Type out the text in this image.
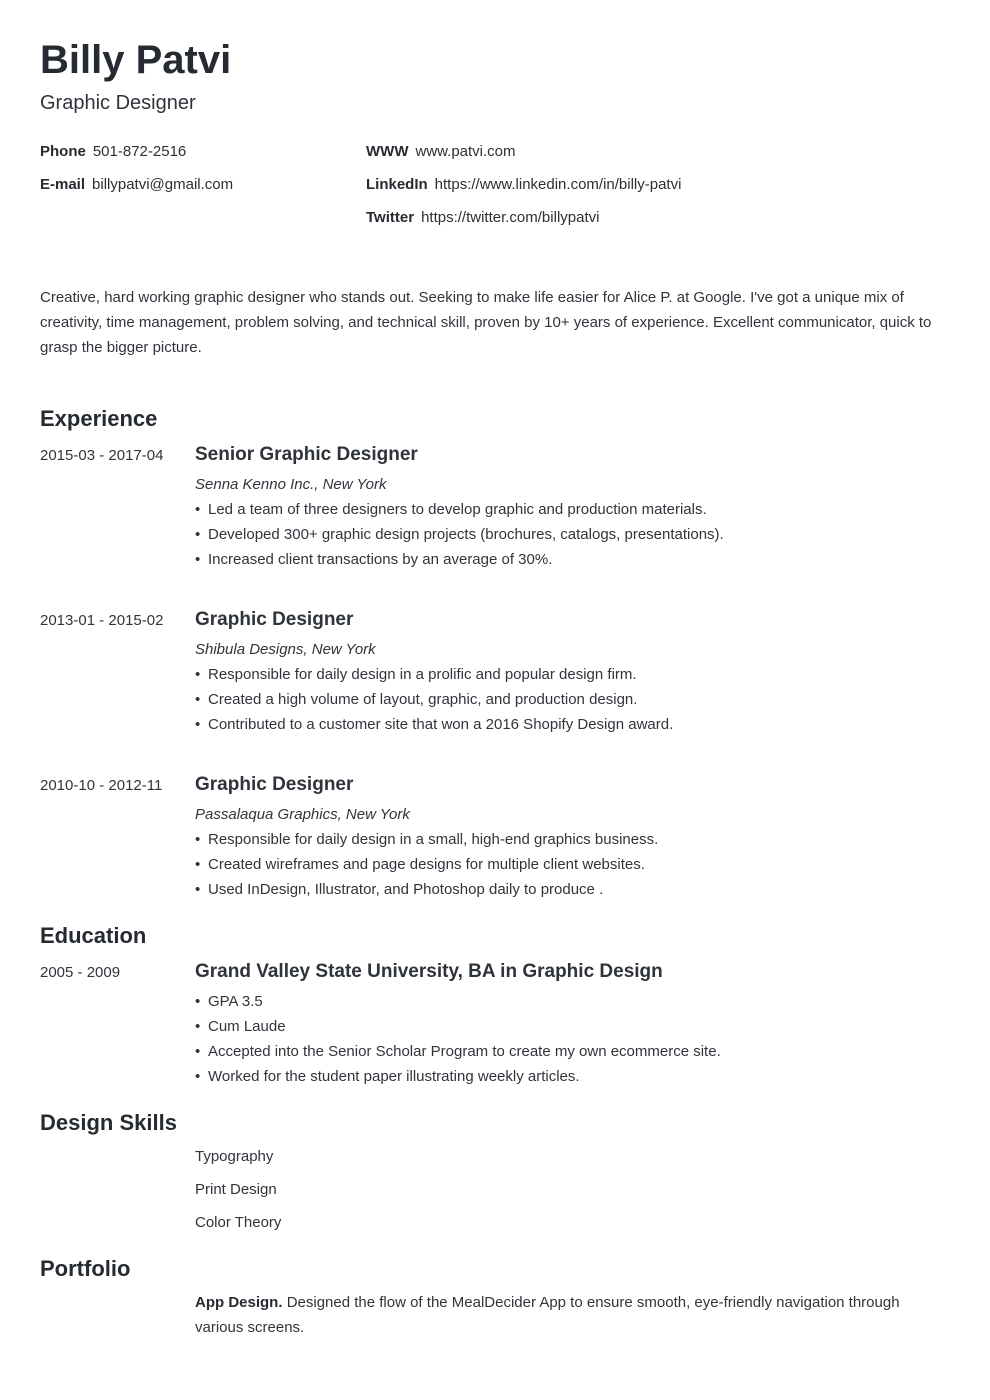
Billy Patvi
Graphic Designer
Phone 501-872-2516
E-mail billypatvi@gmail.com
WWW www.patvi.com
LinkedIn https://www.linkedin.com/in/billy-patvi
Twitter https://twitter.com/billypatvi
Creative, hard working graphic designer who stands out. Seeking to make life easier for Alice P. at Google. I've got a unique mix of creativity, time management, problem solving, and technical skill, proven by 10+ years of experience. Excellent communicator, quick to grasp the bigger picture.
Experience
2015-03 - 2017-04 Senior Graphic Designer
Senna Kenno Inc., New York
• Led a team of three designers to develop graphic and production materials.
• Developed 300+ graphic design projects (brochures, catalogs, presentations).
• Increased client transactions by an average of 30%.
2013-01 - 2015-02 Graphic Designer
Shibula Designs, New York
• Responsible for daily design in a prolific and popular design firm.
• Created a high volume of layout, graphic, and production design.
• Contributed to a customer site that won a 2016 Shopify Design award.
2010-10 - 2012-11 Graphic Designer
Passalaqua Graphics, New York
• Responsible for daily design in a small, high-end graphics business.
• Created wireframes and page designs for multiple client websites.
• Used InDesign, Illustrator, and Photoshop daily to produce .
Education
2005 - 2009	Grand Valley State University, BA in Graphic Design
• GPA 3.5
• Cum Laude
• Accepted into the Senior Scholar Program to create my own ecommerce site.
• Worked for the student paper illustrating weekly articles.
Design Skills
Typography
Print Design
Color Theory
Portfolio
App Design. Designed the flow of the MealDecider App to ensure smooth, eye-friendly navigation through various screens.
